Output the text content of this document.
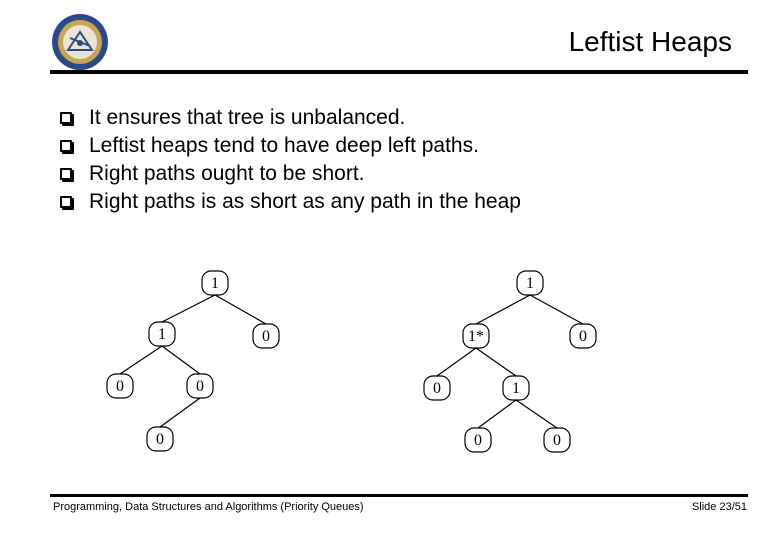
Leftist Heaps
It ensures that tree is unbalanced.
Leftist heaps tend to have deep left paths.
Right paths ought to be short.
Right paths is as short as any path in the heap
1
1	0
0	0
0
1
1*	0
0	1
0	0
Programming, Data Structures and Algorithms (Priority Queues)	Slide 23/51
